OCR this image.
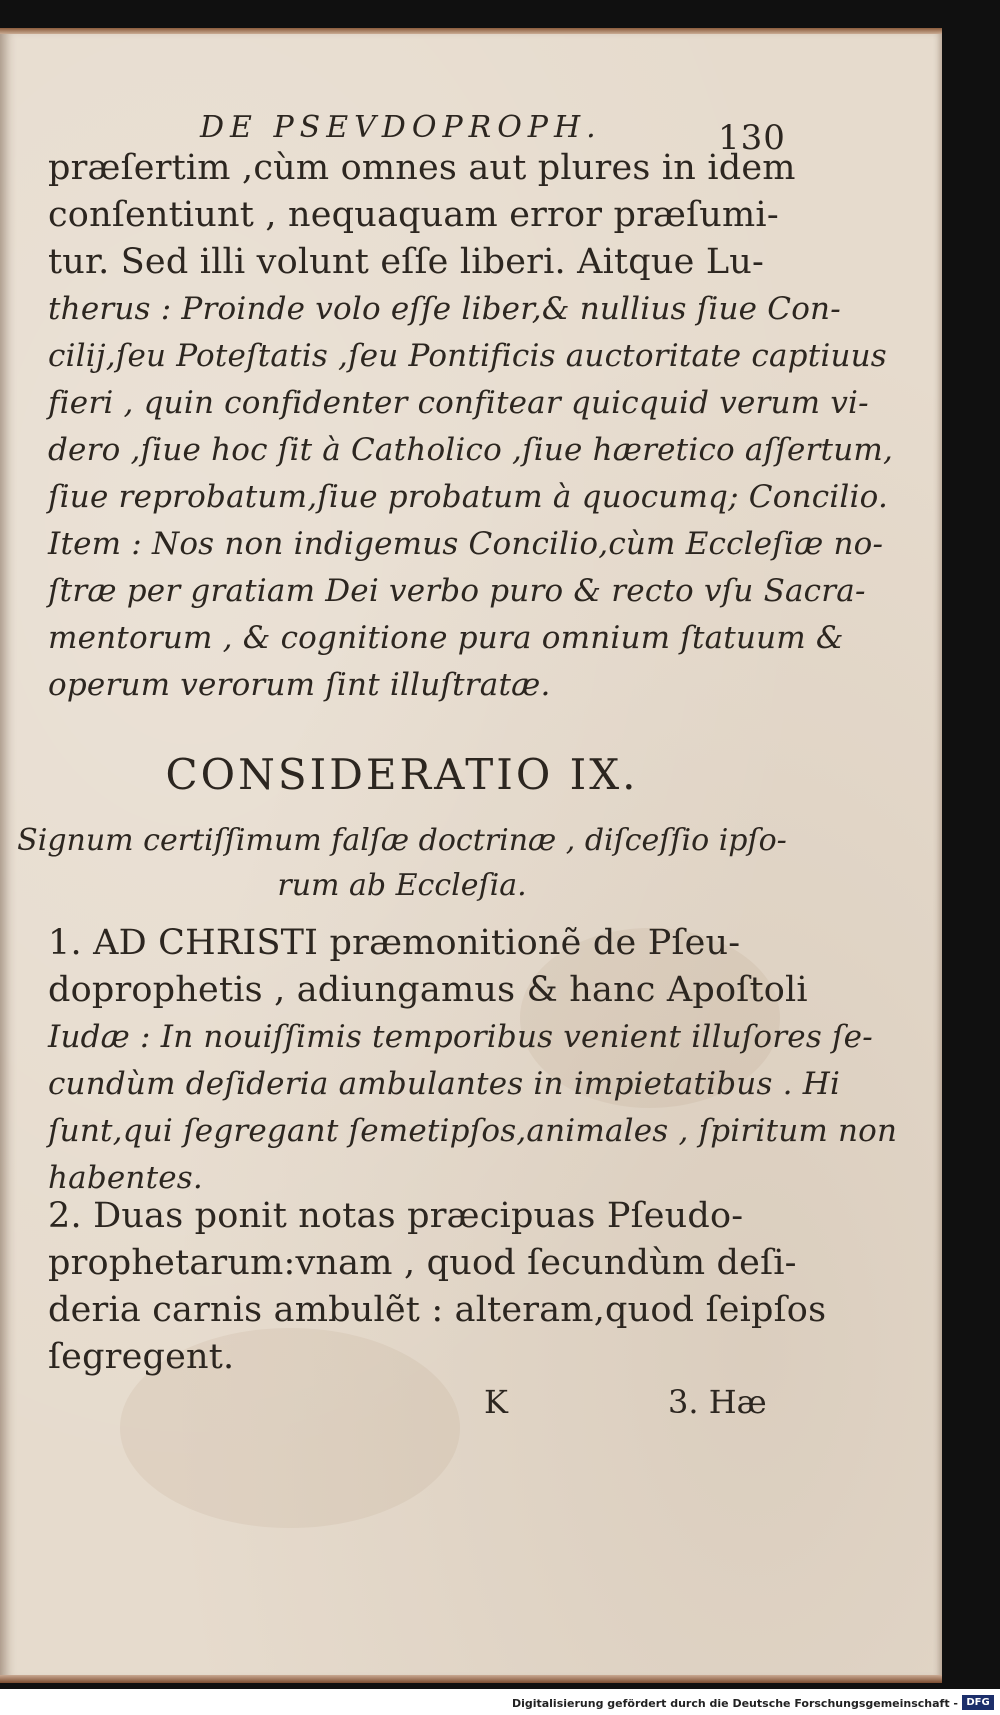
DE PSEVDOPROPH.	130
præſertim ,cùm omnes aut plures in idem
conſentiunt , nequaquam error præſumi-
tur. Sed illi volunt eſſe liberi. Aitque Lu-
therus : Proinde volo eſſe liber,& nullius ſiue Con-
cilij,ſeu Poteſtatis ,ſeu Pontificis auctoritate captiuus
fieri , quin confidenter confitear quicquid verum vi-
dero ,ſiue hoc ſit à Catholico ,ſiue hæretico aſſertum,
ſiue reprobatum,ſiue probatum à quocumq; Concilio.
Item : Nos non indigemus Concilio,cùm Eccleſiæ no-
ſtræ per gratiam Dei verbo puro & recto vſu Sacra-
mentorum , & cognitione pura omnium ſtatuum &
operum verorum ſint illuſtratæ.
CONSIDERATIO IX.
Signum certiſſimum falſæ doctrinæ , diſceſſio ipſo-
rum ab Eccleſia.
1. AD CHRISTI præmonitionẽ de Pſeu-
doprophetis , adiungamus & hanc Apoſtoli
Iudæ : In nouiſſimis temporibus venient illuſores ſe-
cundùm deſideria ambulantes in impietatibus . Hi
ſunt,qui ſegregant ſemetipſos,animales , ſpiritum non
habentes.
2. Duas ponit notas præcipuas Pſeudo-
prophetarum:vnam , quod ſecundùm deſi-
deria carnis ambulẽt : alteram,quod ſeipſos
ſegregent.
K	3. Hæ
Digitalisierung gefördert durch die Deutsche Forschungsgemeinschaft - DFG
